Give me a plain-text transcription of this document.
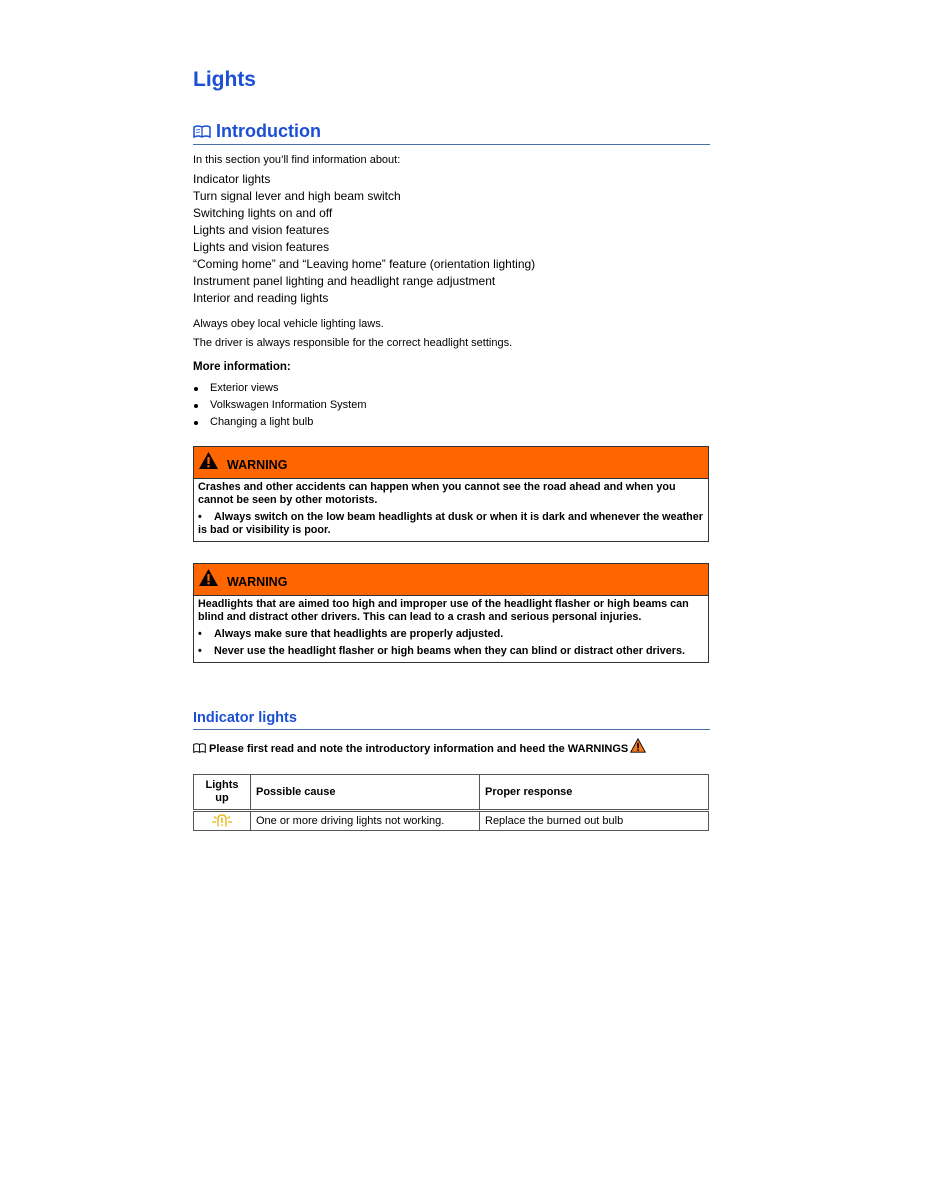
Lights
Introduction
In this section you’ll find information about:
Indicator lights
Turn signal lever and high beam switch
Switching lights on and off
Lights and vision features
Lights and vision features
“Coming home” and “Leaving home” feature (orientation lighting)
Instrument panel lighting and headlight range adjustment
Interior and reading lights
Always obey local vehicle lighting laws.
The driver is always responsible for the correct headlight settings.
More information:
Exterior views
Volkswagen Information System
Changing a light bulb
WARNING

Crashes and other accidents can happen when you cannot see the road ahead and when you cannot be seen by other motorists.

• Always switch on the low beam headlights at dusk or when it is dark and whenever the weather is bad or visibility is poor.

WARNING

Headlights that are aimed too high and improper use of the headlight flasher or high beams can blind and distract other drivers. This can lead to a crash and serious personal injuries.

• Always make sure that headlights are properly adjusted.

• Never use the headlight flasher or high beams when they can blind or distract other drivers.

Indicator lights
Please first read and note the introductory information and heed the WARNINGS
Lights up	Possible cause	Proper response
	One or more driving lights not working.	Replace the burned out bulb
